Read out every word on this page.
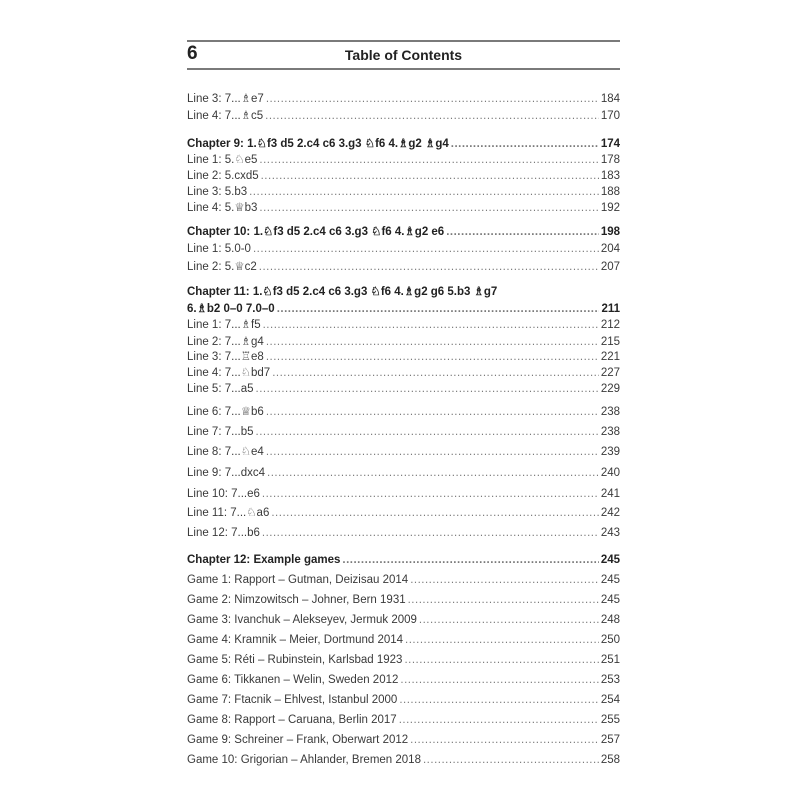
6	Table of Contents
Line 3: 7...♗e7 .....	184
Line 4: 7...♗c5 .....	170
Chapter 9: 1.♘f3 d5 2.c4 c6 3.g3 ♘f6 4.♗g2 ♗g4 .....	174
Line 1: 5.♘e5 .....	178
Line 2: 5.cxd5 .....	183
Line 3: 5.b3 .....	188
Line 4: 5.♕b3 .....	192
Chapter 10: 1.♘f3 d5 2.c4 c6 3.g3 ♘f6 4.♗g2 e6 .....	198
Line 1: 5.0-0 .....	204
Line 2: 5.♕c2 .....	207
Chapter 11: 1.♘f3 d5 2.c4 c6 3.g3 ♘f6 4.♗g2 g6 5.b3 ♗g7
6.♗b2 0–0 7.0–0 .....	211
Line 1: 7...♗f5 .....	212
Line 2: 7...♗g4 .....	215
Line 3: 7...♖e8 .....	221
Line 4: 7...♘bd7 .....	227
Line 5: 7...a5 .....	229
Line 6: 7...♕b6 .....	238
Line 7: 7...b5 .....	238
Line 8: 7...♘e4 .....	239
Line 9: 7...dxc4 .....	240
Line 10: 7...e6 .....	241
Line 11: 7...♘a6 .....	242
Line 12: 7...b6 .....	243
Chapter 12: Example games .....	245
Game 1: Rapport – Gutman, Deizisau 2014 .....	245
Game 2: Nimzowitsch – Johner, Bern 1931 .....	245
Game 3: Ivanchuk – Alekseyev, Jermuk 2009 .....	248
Game 4: Kramnik – Meier, Dortmund 2014 .....	250
Game 5: Réti – Rubinstein, Karlsbad 1923 .....	251
Game 6: Tikkanen – Welin, Sweden 2012 .....	253
Game 7: Ftacnik – Ehlvest, Istanbul 2000 .....	254
Game 8: Rapport – Caruana, Berlin 2017 .....	255
Game 9: Schreiner – Frank, Oberwart 2012 .....	257
Game 10: Grigorian – Ahlander, Bremen 2018 .....	258
